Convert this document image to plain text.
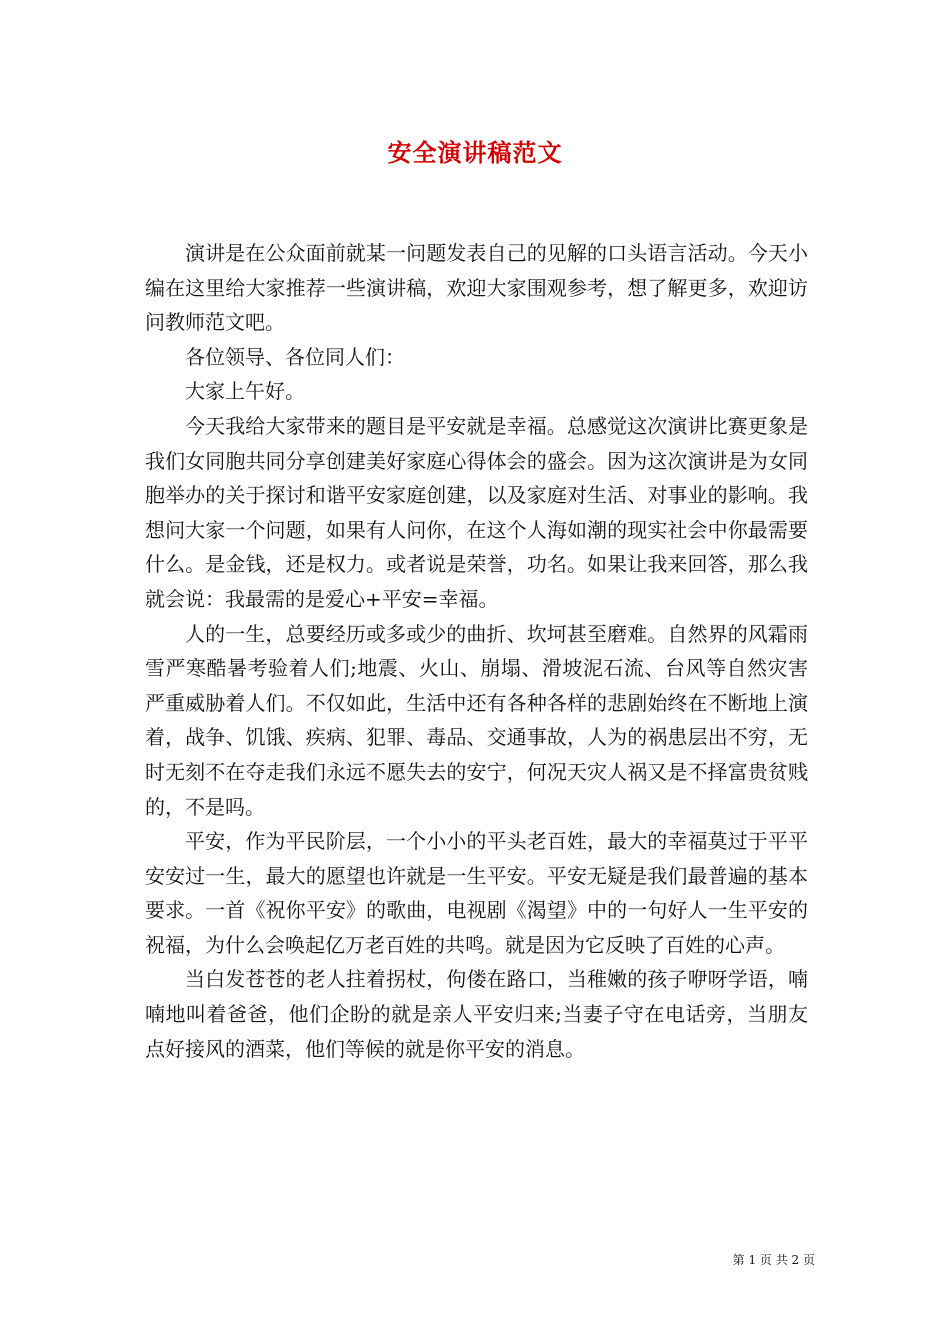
安全演讲稿范文

演讲是在公众面前就某一问题发表自己的见解的口头语言活动。今天小编在这里给大家推荐一些演讲稿，欢迎大家围观参考，想了解更多，欢迎访问教师范文吧。

各位领导、各位同人们：

大家上午好。

今天我给大家带来的题目是平安就是幸福。总感觉这次演讲比赛更象是我们女同胞共同分享创建美好家庭心得体会的盛会。因为这次演讲是为女同胞举办的关于探讨和谐平安家庭创建，以及家庭对生活、对事业的影响。我想问大家一个问题，如果有人问你，在这个人海如潮的现实社会中你最需要什么。是金钱，还是权力。或者说是荣誉，功名。如果让我来回答，那么我就会说：我最需的是爱心+平安=幸福。

人的一生，总要经历或多或少的曲折、坎坷甚至磨难。自然界的风霜雨雪严寒酷暑考验着人们;地震、火山、崩塌、滑坡泥石流、台风等自然灾害严重威胁着人们。不仅如此，生活中还有各种各样的悲剧始终在不断地上演着，战争、饥饿、疾病、犯罪、毒品、交通事故，人为的祸患层出不穷，无时无刻不在夺走我们永远不愿失去的安宁，何况天灾人祸又是不择富贵贫贱的，不是吗。

平安，作为平民阶层，一个小小的平头老百姓，最大的幸福莫过于平平安安过一生，最大的愿望也许就是一生平安。平安无疑是我们最普遍的基本要求。一首《祝你平安》的歌曲，电视剧《渴望》中的一句好人一生平安的祝福，为什么会唤起亿万老百姓的共鸣。就是因为它反映了百姓的心声。

当白发苍苍的老人拄着拐杖，佝偻在路口，当稚嫩的孩子咿呀学语，喃喃地叫着爸爸，他们企盼的就是亲人平安归来;当妻子守在电话旁，当朋友点好接风的酒菜，他们等候的就是你平安的消息。

第 1 页 共 2 页
